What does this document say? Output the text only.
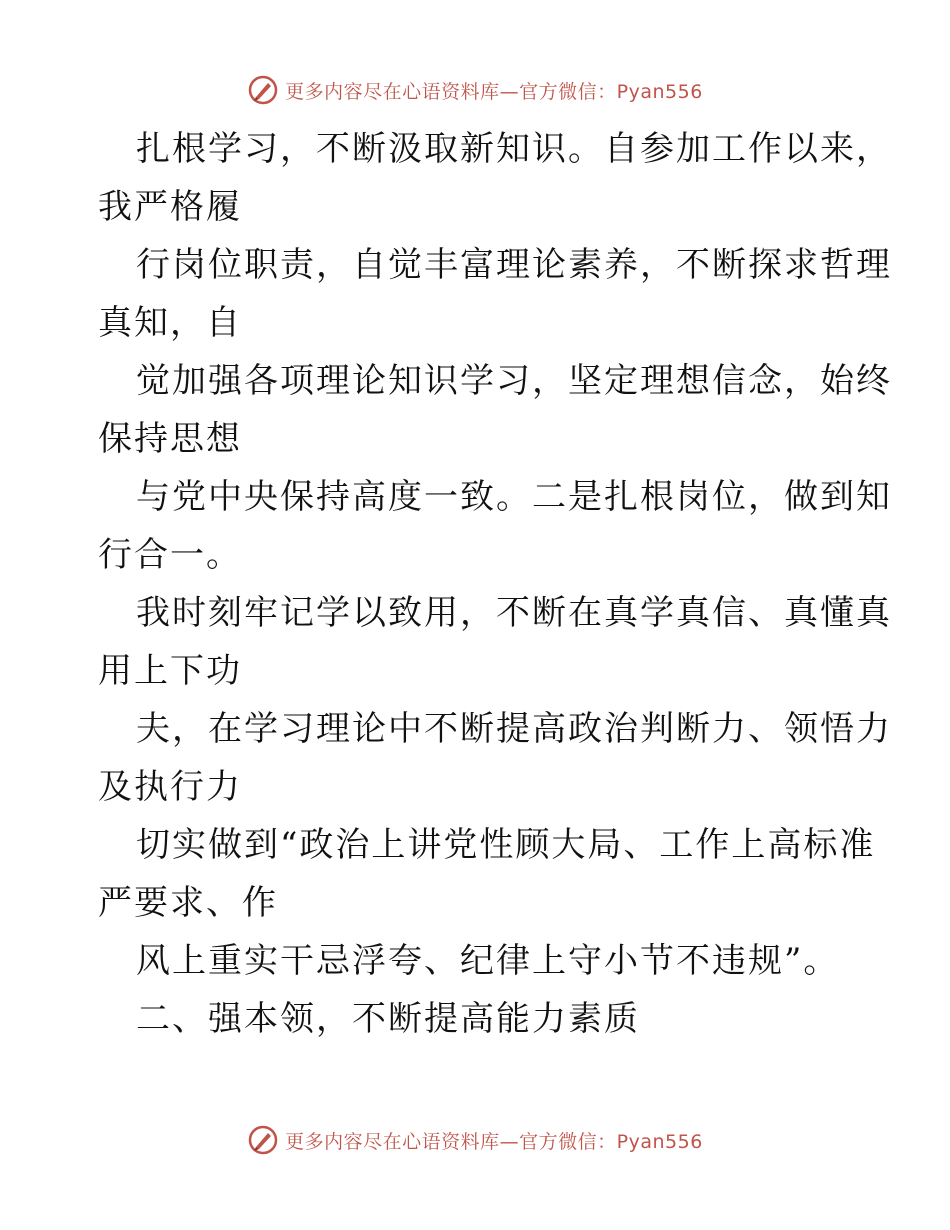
更多内容尽在心语资料库—官方微信：Pyan556
扎根学习，不断汲取新知识。自参加工作以来，
我严格履
行岗位职责，自觉丰富理论素养，不断探求哲理
真知，自
觉加强各项理论知识学习，坚定理想信念，始终
保持思想
与党中央保持高度一致。二是扎根岗位，做到知
行合一。
我时刻牢记学以致用，不断在真学真信、真懂真
用上下功
夫，在学习理论中不断提高政治判断力、领悟力
及执行力
切实做到“政治上讲党性顾大局、工作上高标准
严要求、作
风上重实干忌浮夸、纪律上守小节不违规”。
二、强本领，不断提高能力素质
更多内容尽在心语资料库—官方微信：Pyan556
